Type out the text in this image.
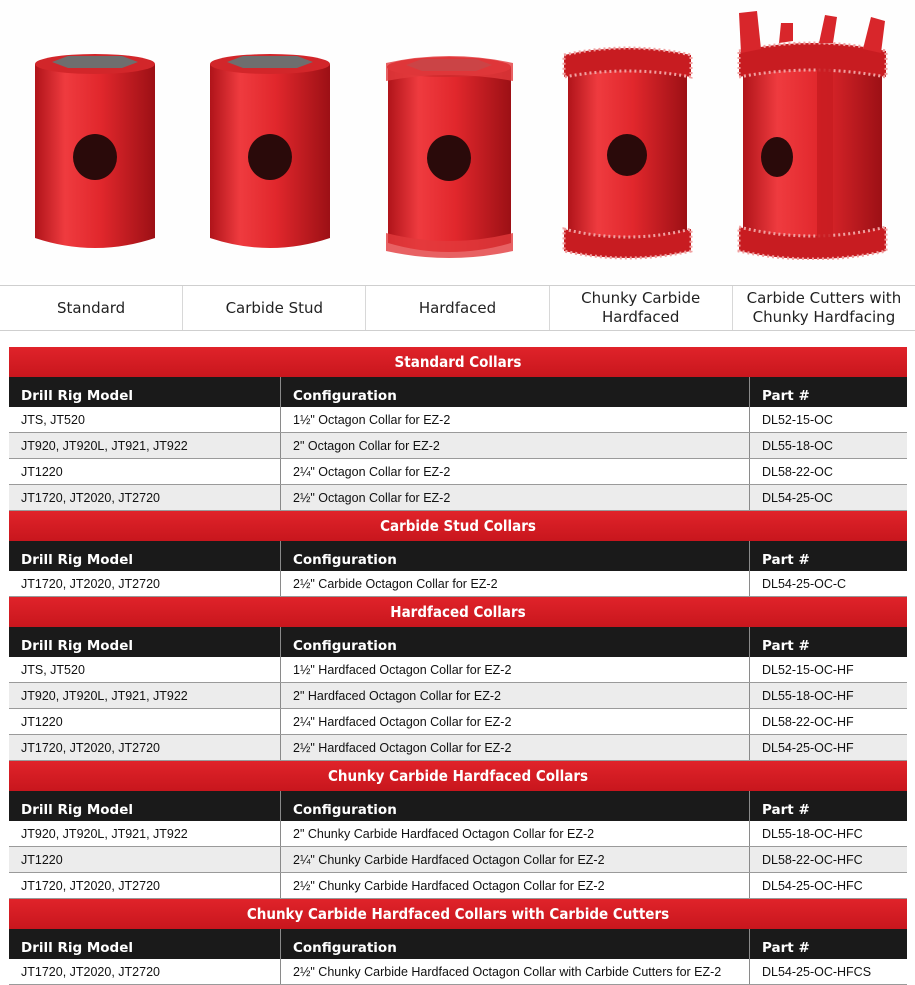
Standard	Carbide Stud	Hardfaced
Chunky Carbide Hardfaced
Carbide Cutters with Chunky Hardfacing
Standard Collars
Drill Rig Model	Configuration	Part #
JTS, JT520	1½" Octagon Collar for EZ-2	DL52-15-OC
JT920, JT920L, JT921, JT922	2" Octagon Collar for EZ-2	DL55-18-OC
JT1220	2¼" Octagon Collar for EZ-2	DL58-22-OC
JT1720, JT2020, JT2720	2½" Octagon Collar for EZ-2	DL54-25-OC
Carbide Stud Collars
Drill Rig Model	Configuration	Part #
JT1720, JT2020, JT2720	2½" Carbide Octagon Collar for EZ-2	DL54-25-OC-C
Hardfaced Collars
Drill Rig Model	Configuration	Part #
JTS, JT520	1½" Hardfaced Octagon Collar for EZ-2	DL52-15-OC-HF
JT920, JT920L, JT921, JT922	2" Hardfaced Octagon Collar for EZ-2	DL55-18-OC-HF
JT1220	2¼" Hardfaced Octagon Collar for EZ-2	DL58-22-OC-HF
JT1720, JT2020, JT2720	2½" Hardfaced Octagon Collar for EZ-2	DL54-25-OC-HF
Chunky Carbide Hardfaced Collars
Drill Rig Model	Configuration	Part #
JT920, JT920L, JT921, JT922	2" Chunky Carbide Hardfaced Octagon Collar for EZ-2	DL55-18-OC-HFC
JT1220	2¼" Chunky Carbide Hardfaced Octagon Collar for EZ-2	DL58-22-OC-HFC
JT1720, JT2020, JT2720	2½" Chunky Carbide Hardfaced Octagon Collar for EZ-2	DL54-25-OC-HFC
Chunky Carbide Hardfaced Collars with Carbide Cutters
Drill Rig Model	Configuration	Part #
JT1720, JT2020, JT2720	2½" Chunky Carbide Hardfaced Octagon Collar with Carbide Cutters for EZ-2	DL54-25-OC-HFCS
